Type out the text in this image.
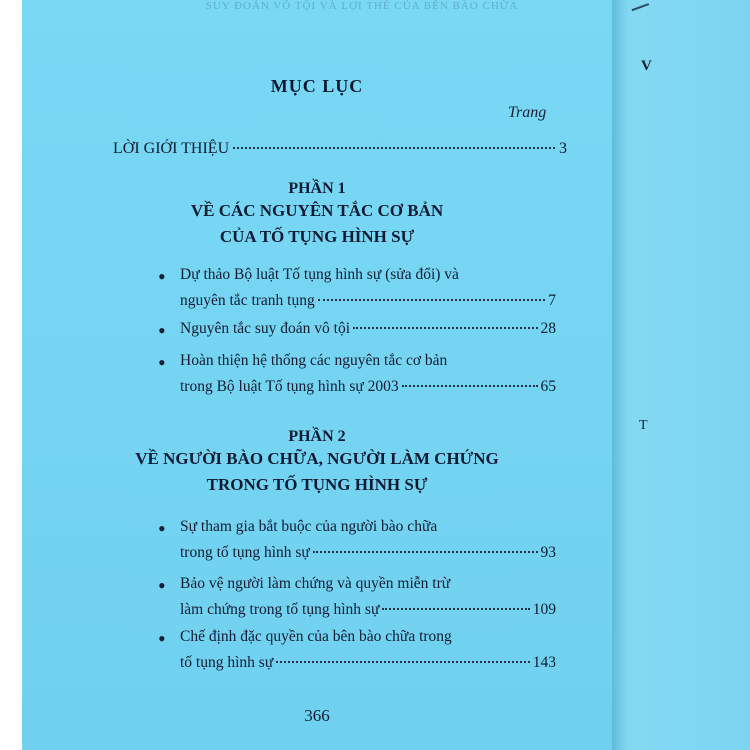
SUY ĐOÁN VÔ TỘI VÀ LỢI THẾ CỦA BÊN BÀO CHỮA
MỤC LỤC
Trang
LỜI GIỚI THIỆU	3
PHẦN 1
VỀ CÁC NGUYÊN TẮC CƠ BẢN
CỦA TỐ TỤNG HÌNH SỰ
• Dự thảo Bộ luật Tố tụng hình sự (sửa đổi) và
nguyên tắc tranh tụng	7
• Nguyên tắc suy đoán vô tội	28
• Hoàn thiện hệ thống các nguyên tắc cơ bản
trong Bộ luật Tố tụng hình sự 2003	65
PHẦN 2
VỀ NGƯỜI BÀO CHỮA, NGƯỜI LÀM CHỨNG
TRONG TỐ TỤNG HÌNH SỰ
• Sự tham gia bắt buộc của người bào chữa
trong tố tụng hình sự	93
• Bảo vệ người làm chứng và quyền miễn trừ
làm chứng trong tố tụng hình sự	109
• Chế định đặc quyền của bên bào chữa trong
tố tụng hình sự	143
366
V
T
